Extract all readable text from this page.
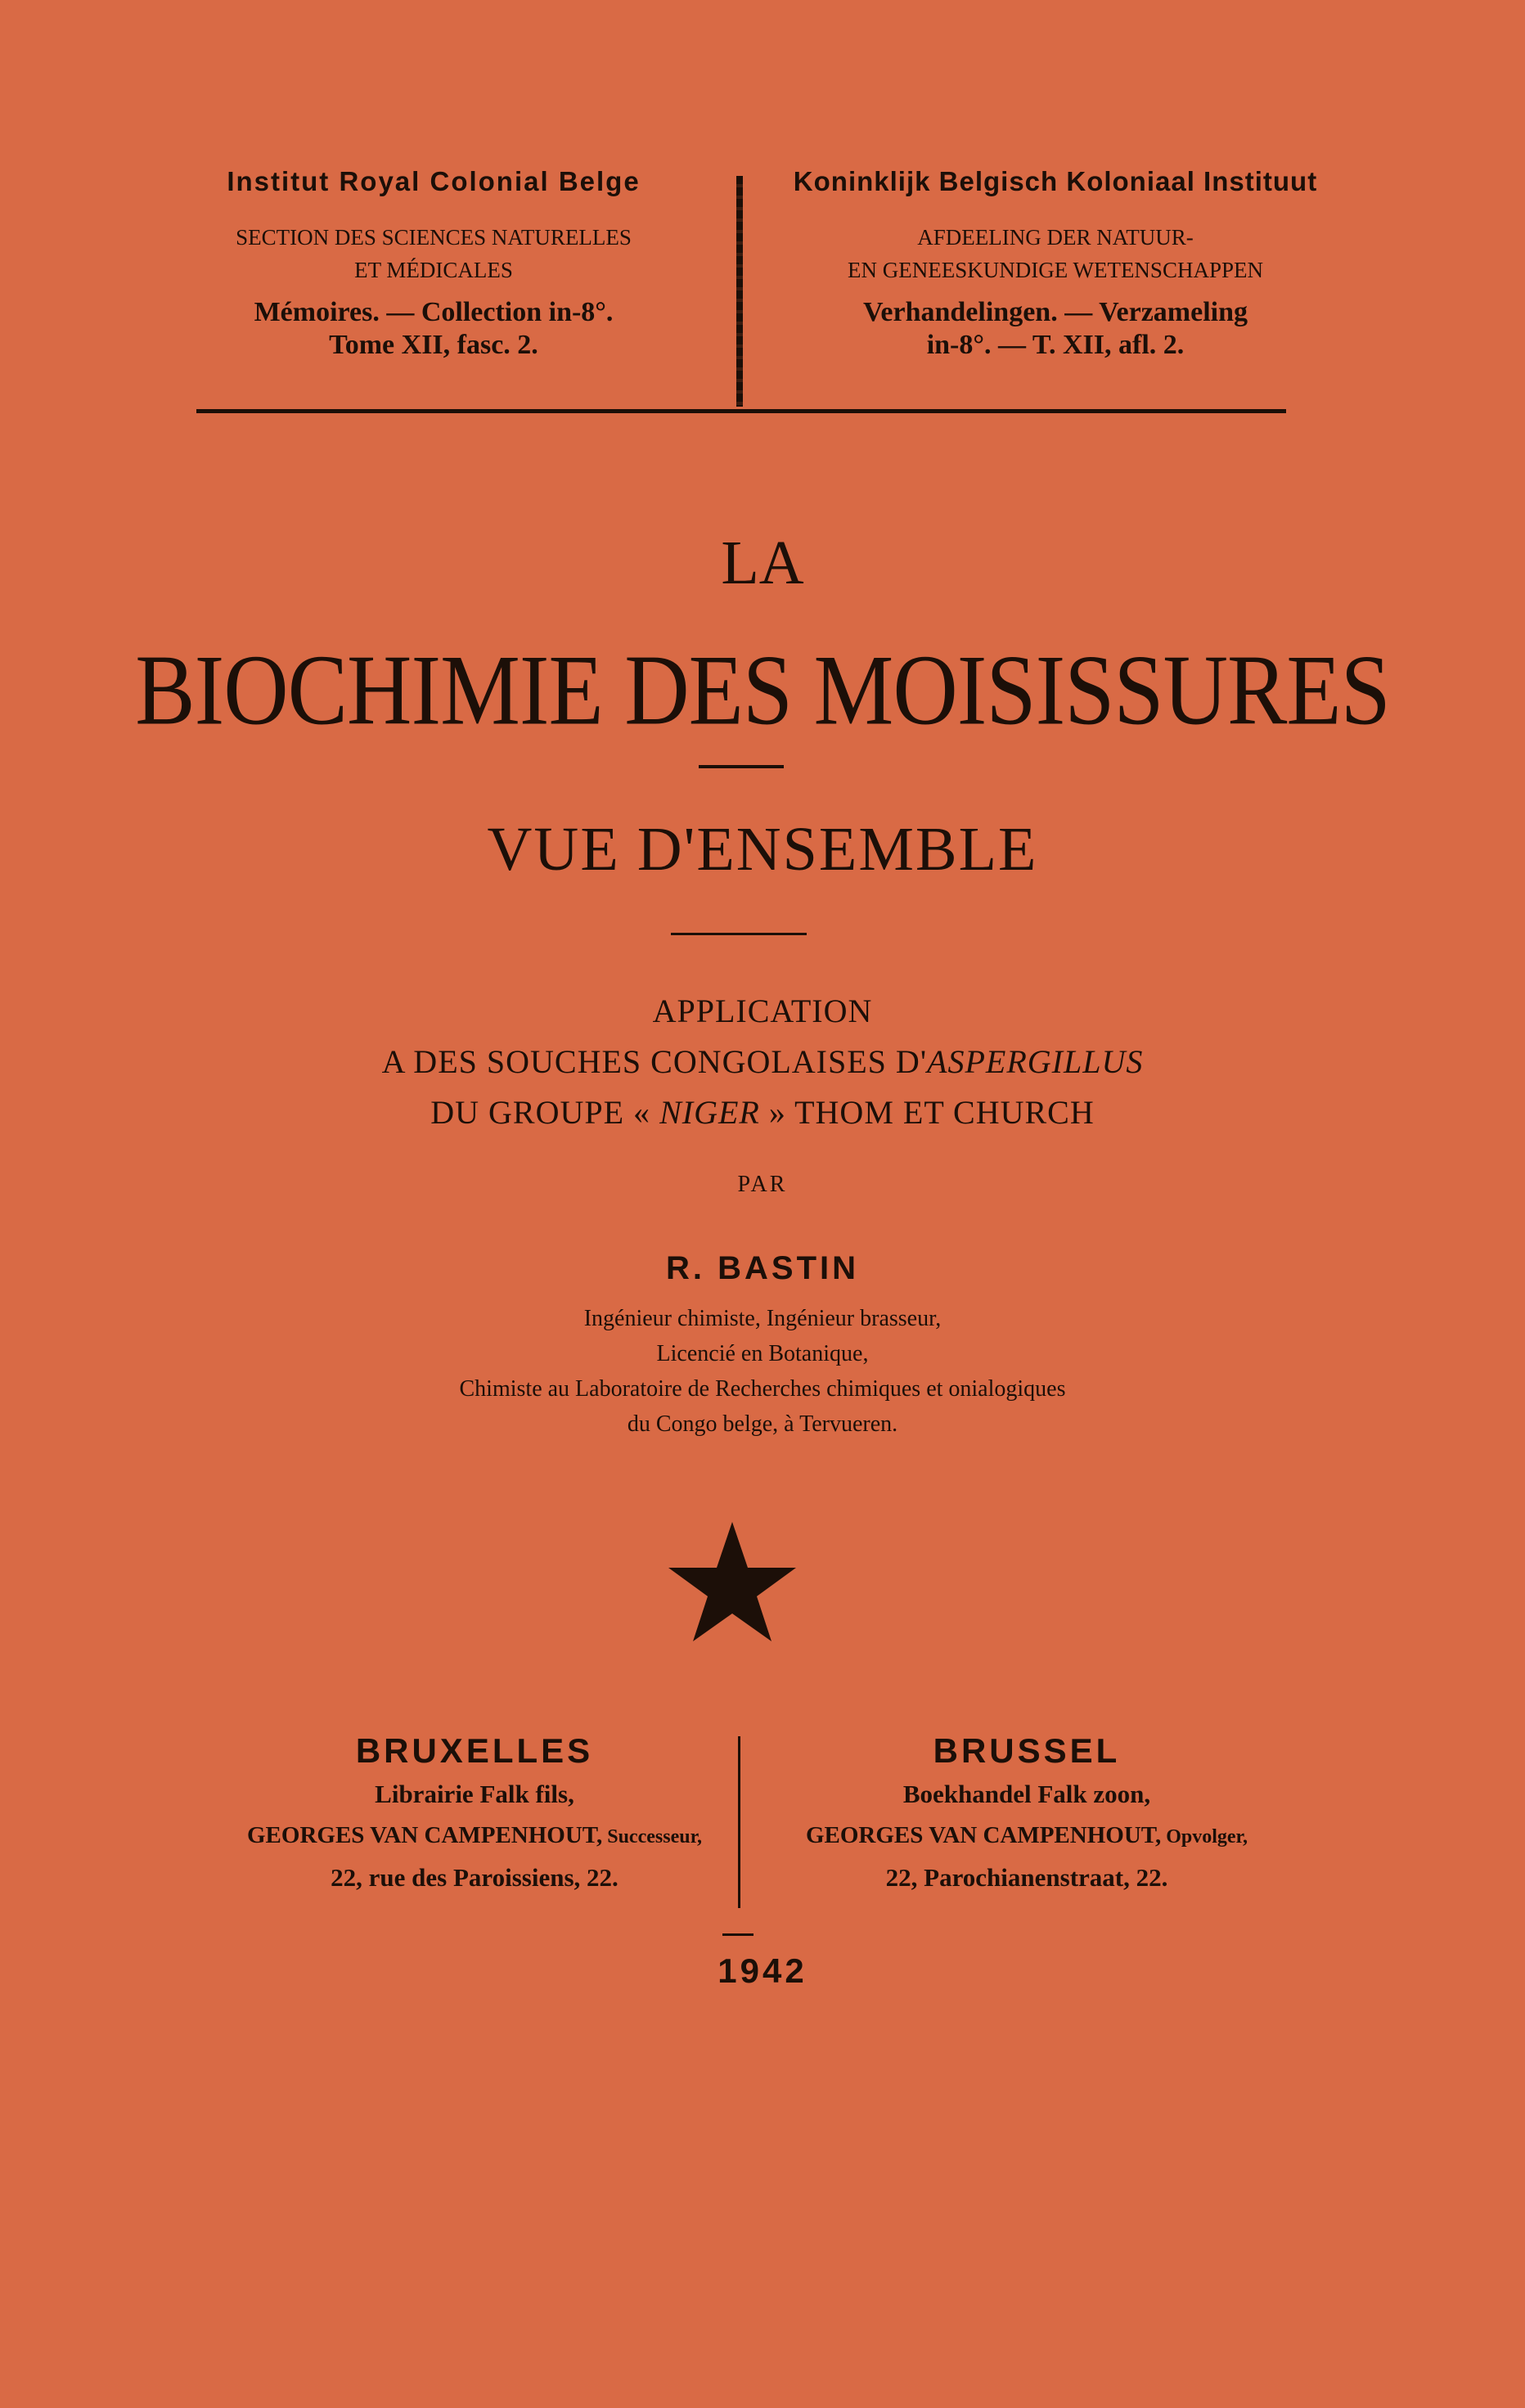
Institut Royal Colonial Belge
SECTION DES SCIENCES NATURELLES
ET MÉDICALES
Mémoires. — Collection in-8°.
Tome XII, fasc. 2.
Koninklijk Belgisch Koloniaal Instituut
AFDEELING DER NATUUR-
EN GENEESKUNDIGE WETENSCHAPPEN
Verhandelingen. — Verzameling
in-8°. — T. XII, afl. 2.
LA
BIOCHIMIE DES MOISISSURES
VUE D'ENSEMBLE
APPLICATION
A DES SOUCHES CONGOLAISES D'ASPERGILLUS
DU GROUPE « NIGER » THOM ET CHURCH
PAR
R. BASTIN
Ingénieur chimiste, Ingénieur brasseur,
Licencié en Botanique,
Chimiste au Laboratoire de Recherches chimiques et onialogiques
du Congo belge, à Tervueren.
BRUXELLES
Librairie Falk fils,
GEORGES VAN CAMPENHOUT, Successeur,
22, rue des Paroissiens, 22.
BRUSSEL
Boekhandel Falk zoon,
GEORGES VAN CAMPENHOUT, Opvolger,
22, Parochianenstraat, 22.
1942
